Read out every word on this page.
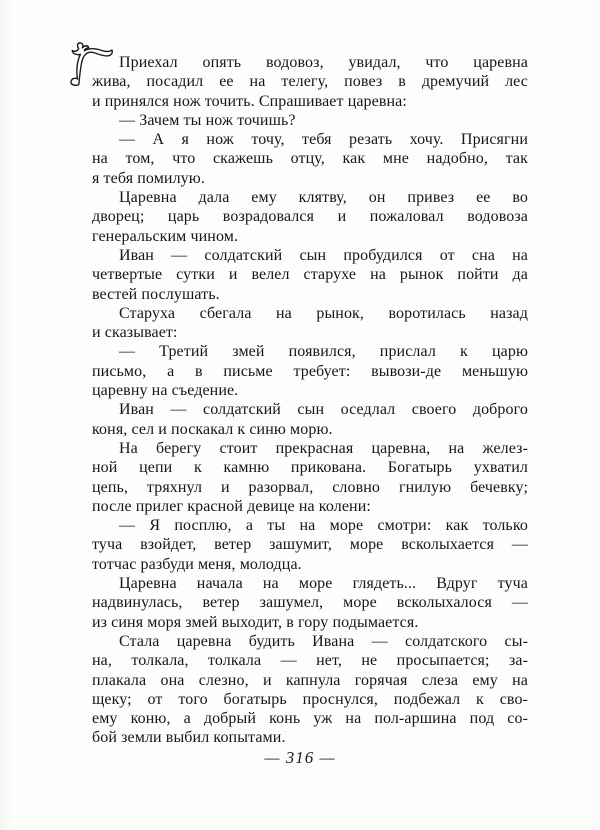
Приехал опять водовоз, увидал, что царевна
жива, посадил ее на телегу, повез в дремучий лес
и принялся нож точить. Спрашивает царевна:
— Зачем ты нож точишь?
— А я нож точу, тебя резать хочу. Присягни
на том, что скажешь отцу, как мне надобно, так
я тебя помилую.
Царевна дала ему клятву, он привез ее во
дворец; царь возрадовался и пожаловал водовоза
генеральским чином.
Иван — солдатский сын пробудился от сна на
четвертые сутки и велел старухе на рынок пойти да
вестей послушать.
Старуха сбегала на рынок, воротилась назад
и сказывает:
— Третий змей появился, прислал к царю
письмо, а в письме требует: вывози-де меньшую
царевну на съедение.
Иван — солдатский сын оседлал своего доброго
коня, сел и поскакал к синю морю.
На берегу стоит прекрасная царевна, на желез-
ной цепи к камню прикована. Богатырь ухватил
цепь, тряхнул и разорвал, словно гнилую бечевку;
после прилег красной девице на колени:
— Я посплю, а ты на море смотри: как только
туча взойдет, ветер зашумит, море всколыхается —
тотчас разбуди меня, молодца.
Царевна начала на море глядеть... Вдруг туча
надвинулась, ветер зашумел, море всколыхалося —
из синя моря змей выходит, в гору подымается.
Стала царевна будить Ивана — солдатского сы-
на, толкала, толкала — нет, не просыпается; за-
плакала она слезно, и капнула горячая слеза ему на
щеку; от того богатырь проснулся, подбежал к сво-
ему коню, а добрый конь уж на пол-аршина под со-
бой земли выбил копытами.
— 316 —
